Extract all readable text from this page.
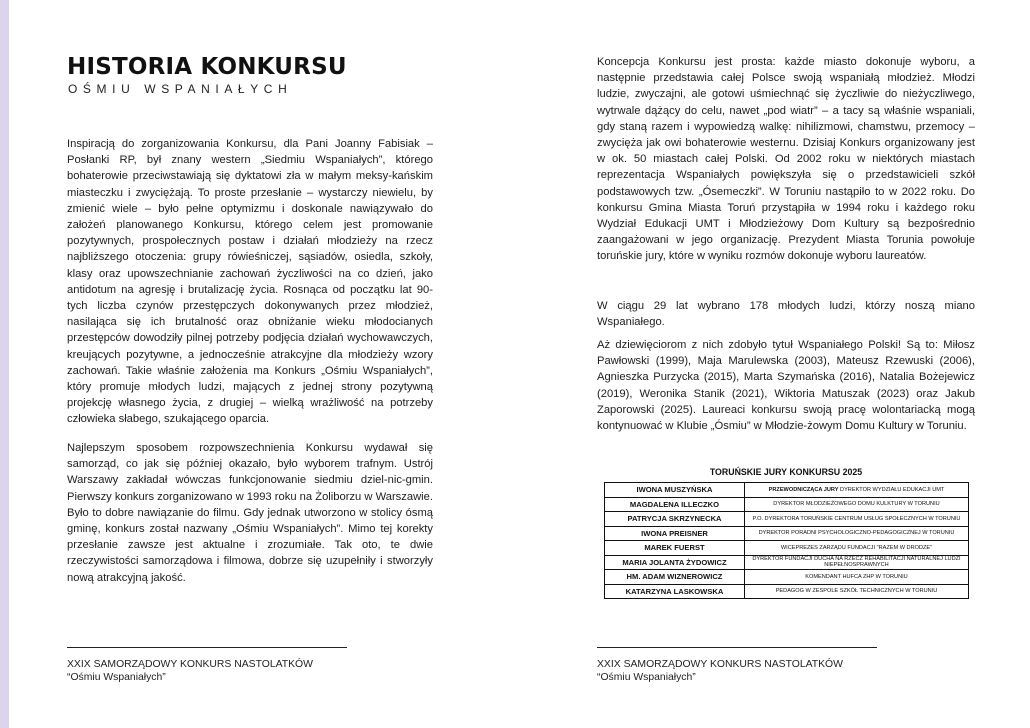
HISTORIA KONKURSU
OŚMIU WSPANIAŁYCH

Inspiracją do zorganizowania Konkursu, dla Pani Joanny Fabisiak – Posłanki RP, był znany western „Siedmiu Wspaniałych”, którego bohaterowie przeciwstawiają się dyktatowi zła w małym meksy-kańskim miasteczku i zwyciężają. To proste przesłanie – wystarczy niewielu, by zmienić wiele – było pełne optymizmu i doskonale nawiązywało do założeń planowanego Konkursu, którego celem jest promowanie pozytywnych, prospołecznych postaw i działań młodzieży na rzecz najbliższego otoczenia: grupy rówieśniczej, sąsiadów, osiedla, szkoły, klasy oraz upowszechnianie zachowań życzliwości na co dzień, jako antidotum na agresję i brutalizację życia. Rosnąca od początku lat 90-tych liczba czynów przestępczych dokonywanych przez młodzież, nasilająca się ich brutalność oraz obniżanie wieku młodocianych przestępców dowodziły pilnej potrzeby podjęcia działań wychowawczych, kreujących pozytywne, a jednocześnie atrakcyjne dla młodzieży wzory zachowań. Takie właśnie założenia ma Konkurs „Ośmiu Wspaniałych”, który promuje młodych ludzi, mających z jednej strony pozytywną projekcję własnego życia, z drugiej – wielką wrażliwość na potrzeby człowieka słabego, szukającego oparcia.

Najlepszym sposobem rozpowszechnienia Konkursu wydawał się samorząd, co jak się później okazało, było wyborem trafnym. Ustrój Warszawy zakładał wówczas funkcjonowanie siedmiu dziel-nic-gmin. Pierwszy konkurs zorganizowano w 1993 roku na Żoliborzu w Warszawie. Było to dobre nawiązanie do filmu. Gdy jednak utworzono w stolicy ósmą gminę, konkurs został nazwany „Ośmiu Wspaniałych”. Mimo tej korekty przesłanie zawsze jest aktualne i zrozumiałe. Tak oto, te dwie rzeczywistości samorządowa i filmowa, dobrze się uzupełniły i stworzyły nową atrakcyjną jakość.

Koncepcja Konkursu jest prosta: każde miasto dokonuje wyboru, a następnie przedstawia całej Polsce swoją wspaniałą młodzież. Młodzi ludzie, zwyczajni, ale gotowi uśmiechnąć się życzliwie do nieżyczliwego, wytrwale dążący do celu, nawet „pod wiatr” – a tacy są właśnie wspaniali, gdy staną razem i wypowiedzą walkę: nihilizmowi, chamstwu, przemocy – zwycięża jak owi bohaterowie westernu. Dzisiaj Konkurs organizowany jest w ok. 50 miastach całej Polski. Od 2002 roku w niektórych miastach reprezentacja Wspaniałych powiększyła się o przedstawicieli szkół podstawowych tzw. „Ósemeczki”. W Toruniu nastąpiło to w 2022 roku. Do konkursu Gmina Miasta Toruń przystąpiła w 1994 roku i każdego roku Wydział Edukacji UMT i Młodzieżowy Dom Kultury są bezpośrednio zaangażowani w jego organizację. Prezydent Miasta Torunia powołuje toruńskie jury, które w wyniku rozmów dokonuje wyboru laureatów.

W ciągu 29 lat wybrano 178 młodych ludzi, którzy noszą miano Wspaniałego.

Aż dziewięciorom z nich zdobyło tytuł Wspaniałego Polski! Są to: Miłosz Pawłowski (1999), Maja Marulewska (2003), Mateusz Rzewuski (2006), Agnieszka Purzycka (2015), Marta Szymańska (2016), Natalia Bożejewicz (2019), Weronika Stanik (2021), Wiktoria Matuszak (2023) oraz Jakub Zaporowski (2025). Laureaci konkursu swoją pracę wolontariacką mogą kontynuować w Klubie „Ósmiu” w Młodzie-żowym Domu Kultury w Toruniu.

TORUŃSKIE JURY KONKURSU 2025
IWONA MUSZYŃSKA	PRZEWODNICZĄCA JURY DYREKTOR WYDZIAŁU EDUKACJI UMT
MAGDALENA ILLECZKO	DYREKTOR MŁODZIEŻOWEGO DOMU KULKTURY W TORUNIU
PATRYCJA SKRZYNECKA	P.O. DYREKTORA TORUŃSKIE CENTRUM USŁUG SPOŁECZNYCH W TORUNIU
IWONA PREISNER	DYREKTOR PORADNI PSYCHOLOGICZNO-PEDAGOGICZNEJ W TORUNIU
MAREK FUERST	WICEPREZES ZARZĄDU FUNDACJI "RAZEM W DRODZE"
MARIA JOLANTA ŻYDOWICZ	DYREKTOR FUNDACJI DUCHA NA RZECZ REHABILITACJI NATURALNEJ LUDZI NIEPEŁNOSPRAWNYCH
HM. ADAM WIZNEROWICZ	KOMENDANT HUFCA ZHP W TORUNIU
KATARZYNA LASKOWSKA	PEDAGOG W ZESPOLE SZKÓŁ TECHNICZNYCH W TORUNIU
XXIX SAMORZĄDOWY KONKURS NASTOLATKÓW
“Ośmiu Wspaniałych”
XXIX SAMORZĄDOWY KONKURS NASTOLATKÓW
“Ośmiu Wspaniałych”
